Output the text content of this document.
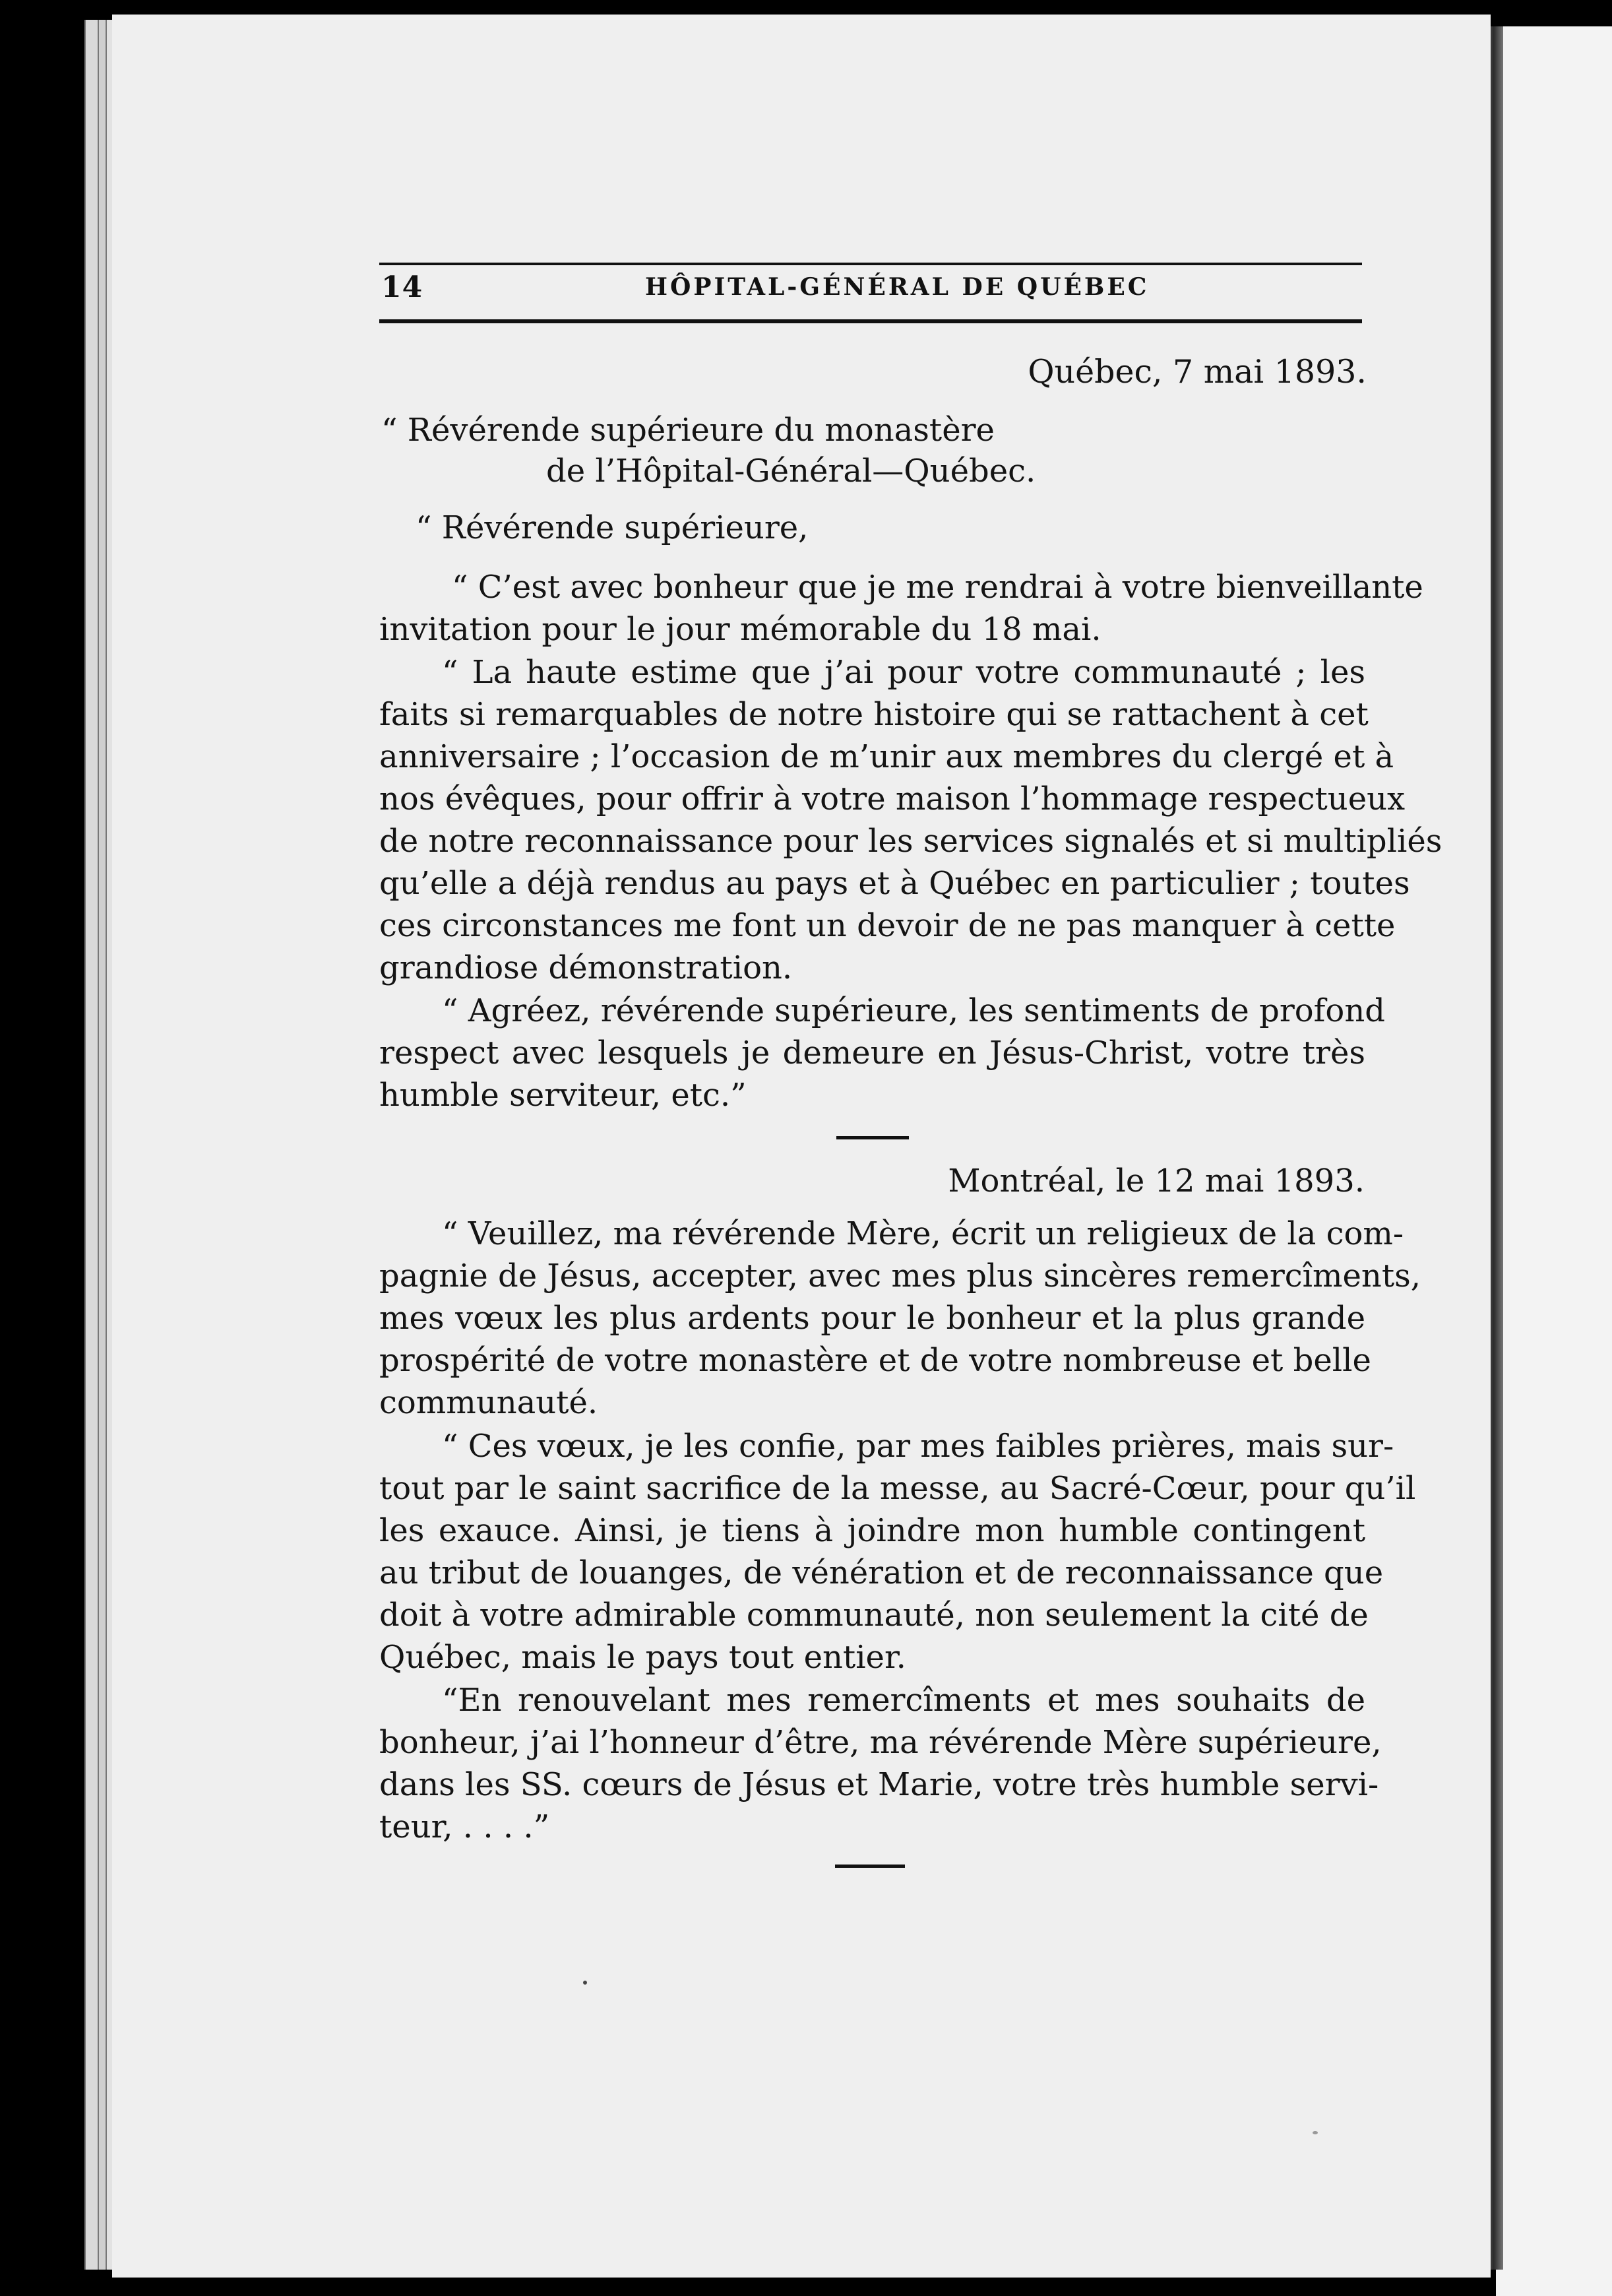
14	HÔPITAL-GÉNÉRAL DE QUÉBEC
Québec, 7 mai 1893.
“ Révérende supérieure du monastère
de l’Hôpital-Général—Québec.
“ Révérende supérieure,
“ C’est avec bonheur que je me rendrai à votre bienveillante
invitation pour le jour mémorable du 18 mai.
“ La haute estime que j’ai pour votre communauté ; les
faits si remarquables de notre histoire qui se rattachent à cet
anniversaire ; l’occasion de m’unir aux membres du clergé et à
nos évêques, pour offrir à votre maison l’hommage respectueux
de notre reconnaissance pour les services signalés et si multipliés
qu’elle a déjà rendus au pays et à Québec en particulier ; toutes
ces circonstances me font un devoir de ne pas manquer à cette
grandiose démonstration.
“ Agréez, révérende supérieure, les sentiments de profond
respect avec lesquels je demeure en Jésus-Christ, votre très
humble serviteur, etc.”
Montréal, le 12 mai 1893.
“ Veuillez, ma révérende Mère, écrit un religieux de la com-
pagnie de Jésus, accepter, avec mes plus sincères remercîments,
mes vœux les plus ardents pour le bonheur et la plus grande
prospérité de votre monastère et de votre nombreuse et belle
communauté.
“ Ces vœux, je les confie, par mes faibles prières, mais sur-
tout par le saint sacrifice de la messe, au Sacré-Cœur, pour qu’il
les exauce. Ainsi, je tiens à joindre mon humble contingent
au tribut de louanges, de vénération et de reconnaissance que
doit à votre admirable communauté, non seulement la cité de
Québec, mais le pays tout entier.
“En renouvelant mes remercîments et mes souhaits de
bonheur, j’ai l’honneur d’être, ma révérende Mère supérieure,
dans les SS. cœurs de Jésus et Marie, votre très humble servi-
teur, . . . .”
